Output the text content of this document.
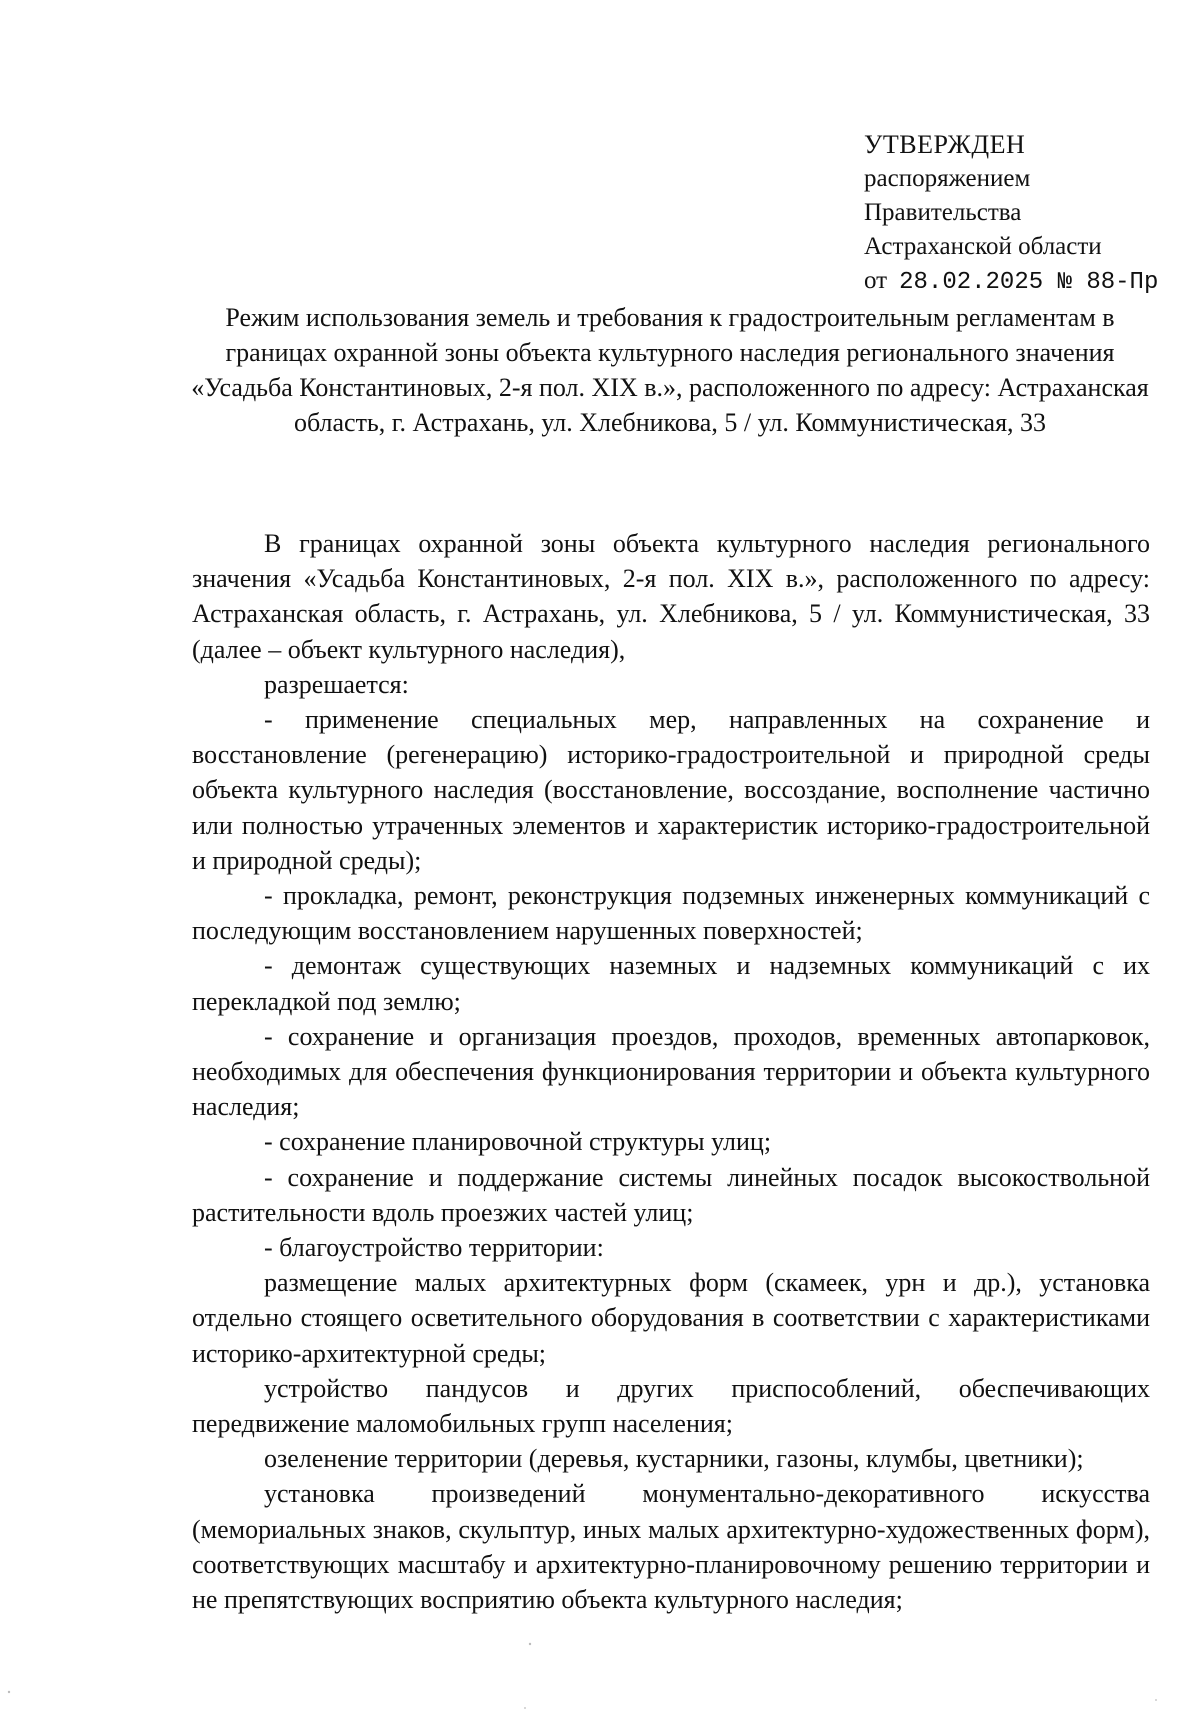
УТВЕРЖДЕН
распоряжением
Правительства
Астраханской области
от 28.02.2025 № 88-Пр
Режим использования земель и требования к градостроительным регламентам в границах охранной зоны объекта культурного наследия регионального значения «Усадьба Константиновых, 2-я пол. XIX в.», расположенного по адресу: Астраханская область, г. Астрахань, ул. Хлебникова, 5 / ул. Коммунистическая, 33

В границах охранной зоны объекта культурного наследия регионального значения «Усадьба Константиновых, 2-я пол. XIX в.», расположенного по адресу: Астраханская область, г. Астрахань, ул. Хлебникова, 5 / ул. Коммунистическая, 33 (далее – объект культурного наследия),

разрешается:

- применение специальных мер, направленных на сохранение и восстановление (регенерацию) историко-градостроительной и природной среды объекта культурного наследия (восстановление, воссоздание, восполнение частично или полностью утраченных элементов и характеристик историко-градостроительной и природной среды);

- прокладка, ремонт, реконструкция подземных инженерных коммуникаций с последующим восстановлением нарушенных поверхностей;

- демонтаж существующих наземных и надземных коммуникаций с их перекладкой под землю;

- сохранение и организация проездов, проходов, временных автопарковок, необходимых для обеспечения функционирования территории и объекта культурного наследия;

- сохранение планировочной структуры улиц;

- сохранение и поддержание системы линейных посадок высокоствольной растительности вдоль проезжих частей улиц;

- благоустройство территории:

размещение малых архитектурных форм (скамеек, урн и др.), установка отдельно стоящего осветительного оборудования в соответствии с характеристиками историко-архитектурной среды;

устройство пандусов и других приспособлений, обеспечивающих передвижение маломобильных групп населения;

озеленение территории (деревья, кустарники, газоны, клумбы, цветники);

установка произведений монументально-декоративного искусства (мемориальных знаков, скульптур, иных малых архитектурно-художественных форм), соответствующих масштабу и архитектурно-планировочному решению территории и не препятствующих восприятию объекта культурного наследия;
